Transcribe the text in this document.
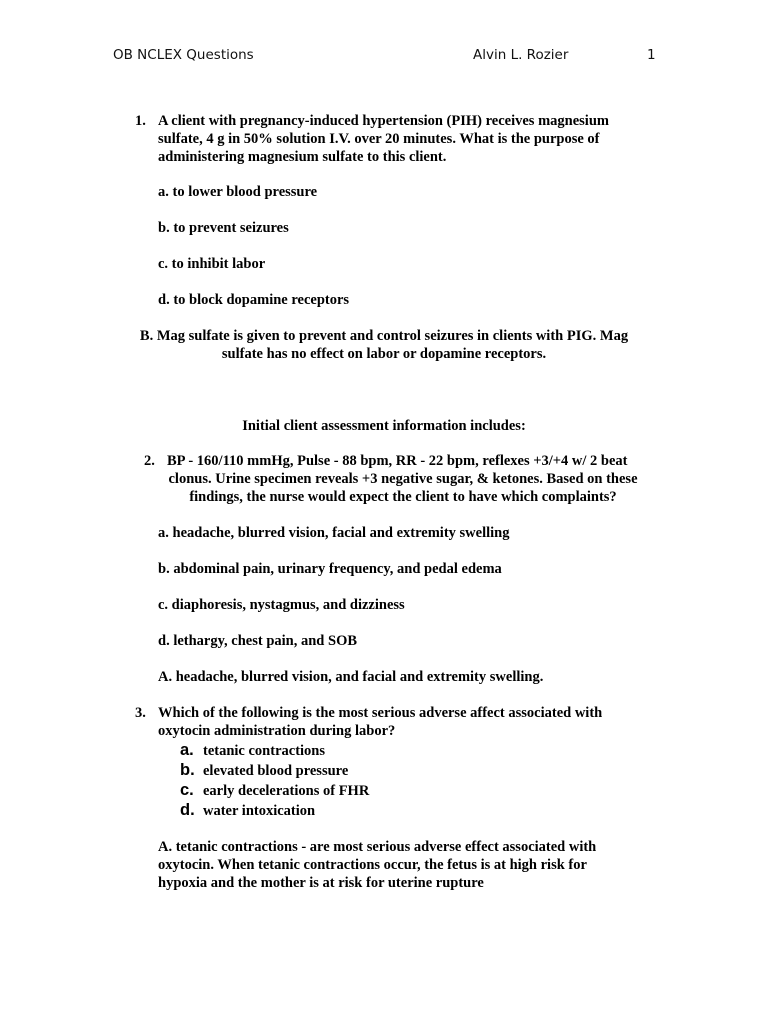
OB NCLEX Questions	Alvin L. Rozier	1
1. A client with pregnancy-induced hypertension (PIH) receives magnesium
sulfate, 4 g in 50% solution I.V. over 20 minutes. What is the purpose of
administering magnesium sulfate to this client.
a. to lower blood pressure
b. to prevent seizures
c. to inhibit labor
d. to block dopamine receptors
B. Mag sulfate is given to prevent and control seizures in clients with PIG. Mag
sulfate has no effect on labor or dopamine receptors.
Initial client assessment information includes:
2. BP - 160/110 mmHg, Pulse - 88 bpm, RR - 22 bpm, reflexes +3/+4 w/ 2 beat
clonus. Urine specimen reveals +3 negative sugar, & ketones. Based on these
findings, the nurse would expect the client to have which complaints?
a. headache, blurred vision, facial and extremity swelling
b. abdominal pain, urinary frequency, and pedal edema
c. diaphoresis, nystagmus, and dizziness
d. lethargy, chest pain, and SOB
A. headache, blurred vision, and facial and extremity swelling.
3. Which of the following is the most serious adverse affect associated with
oxytocin administration during labor?
a. tetanic contractions
b. elevated blood pressure
c. early decelerations of FHR
d. water intoxication
A. tetanic contractions - are most serious adverse effect associated with
oxytocin. When tetanic contractions occur, the fetus is at high risk for
hypoxia and the mother is at risk for uterine rupture
